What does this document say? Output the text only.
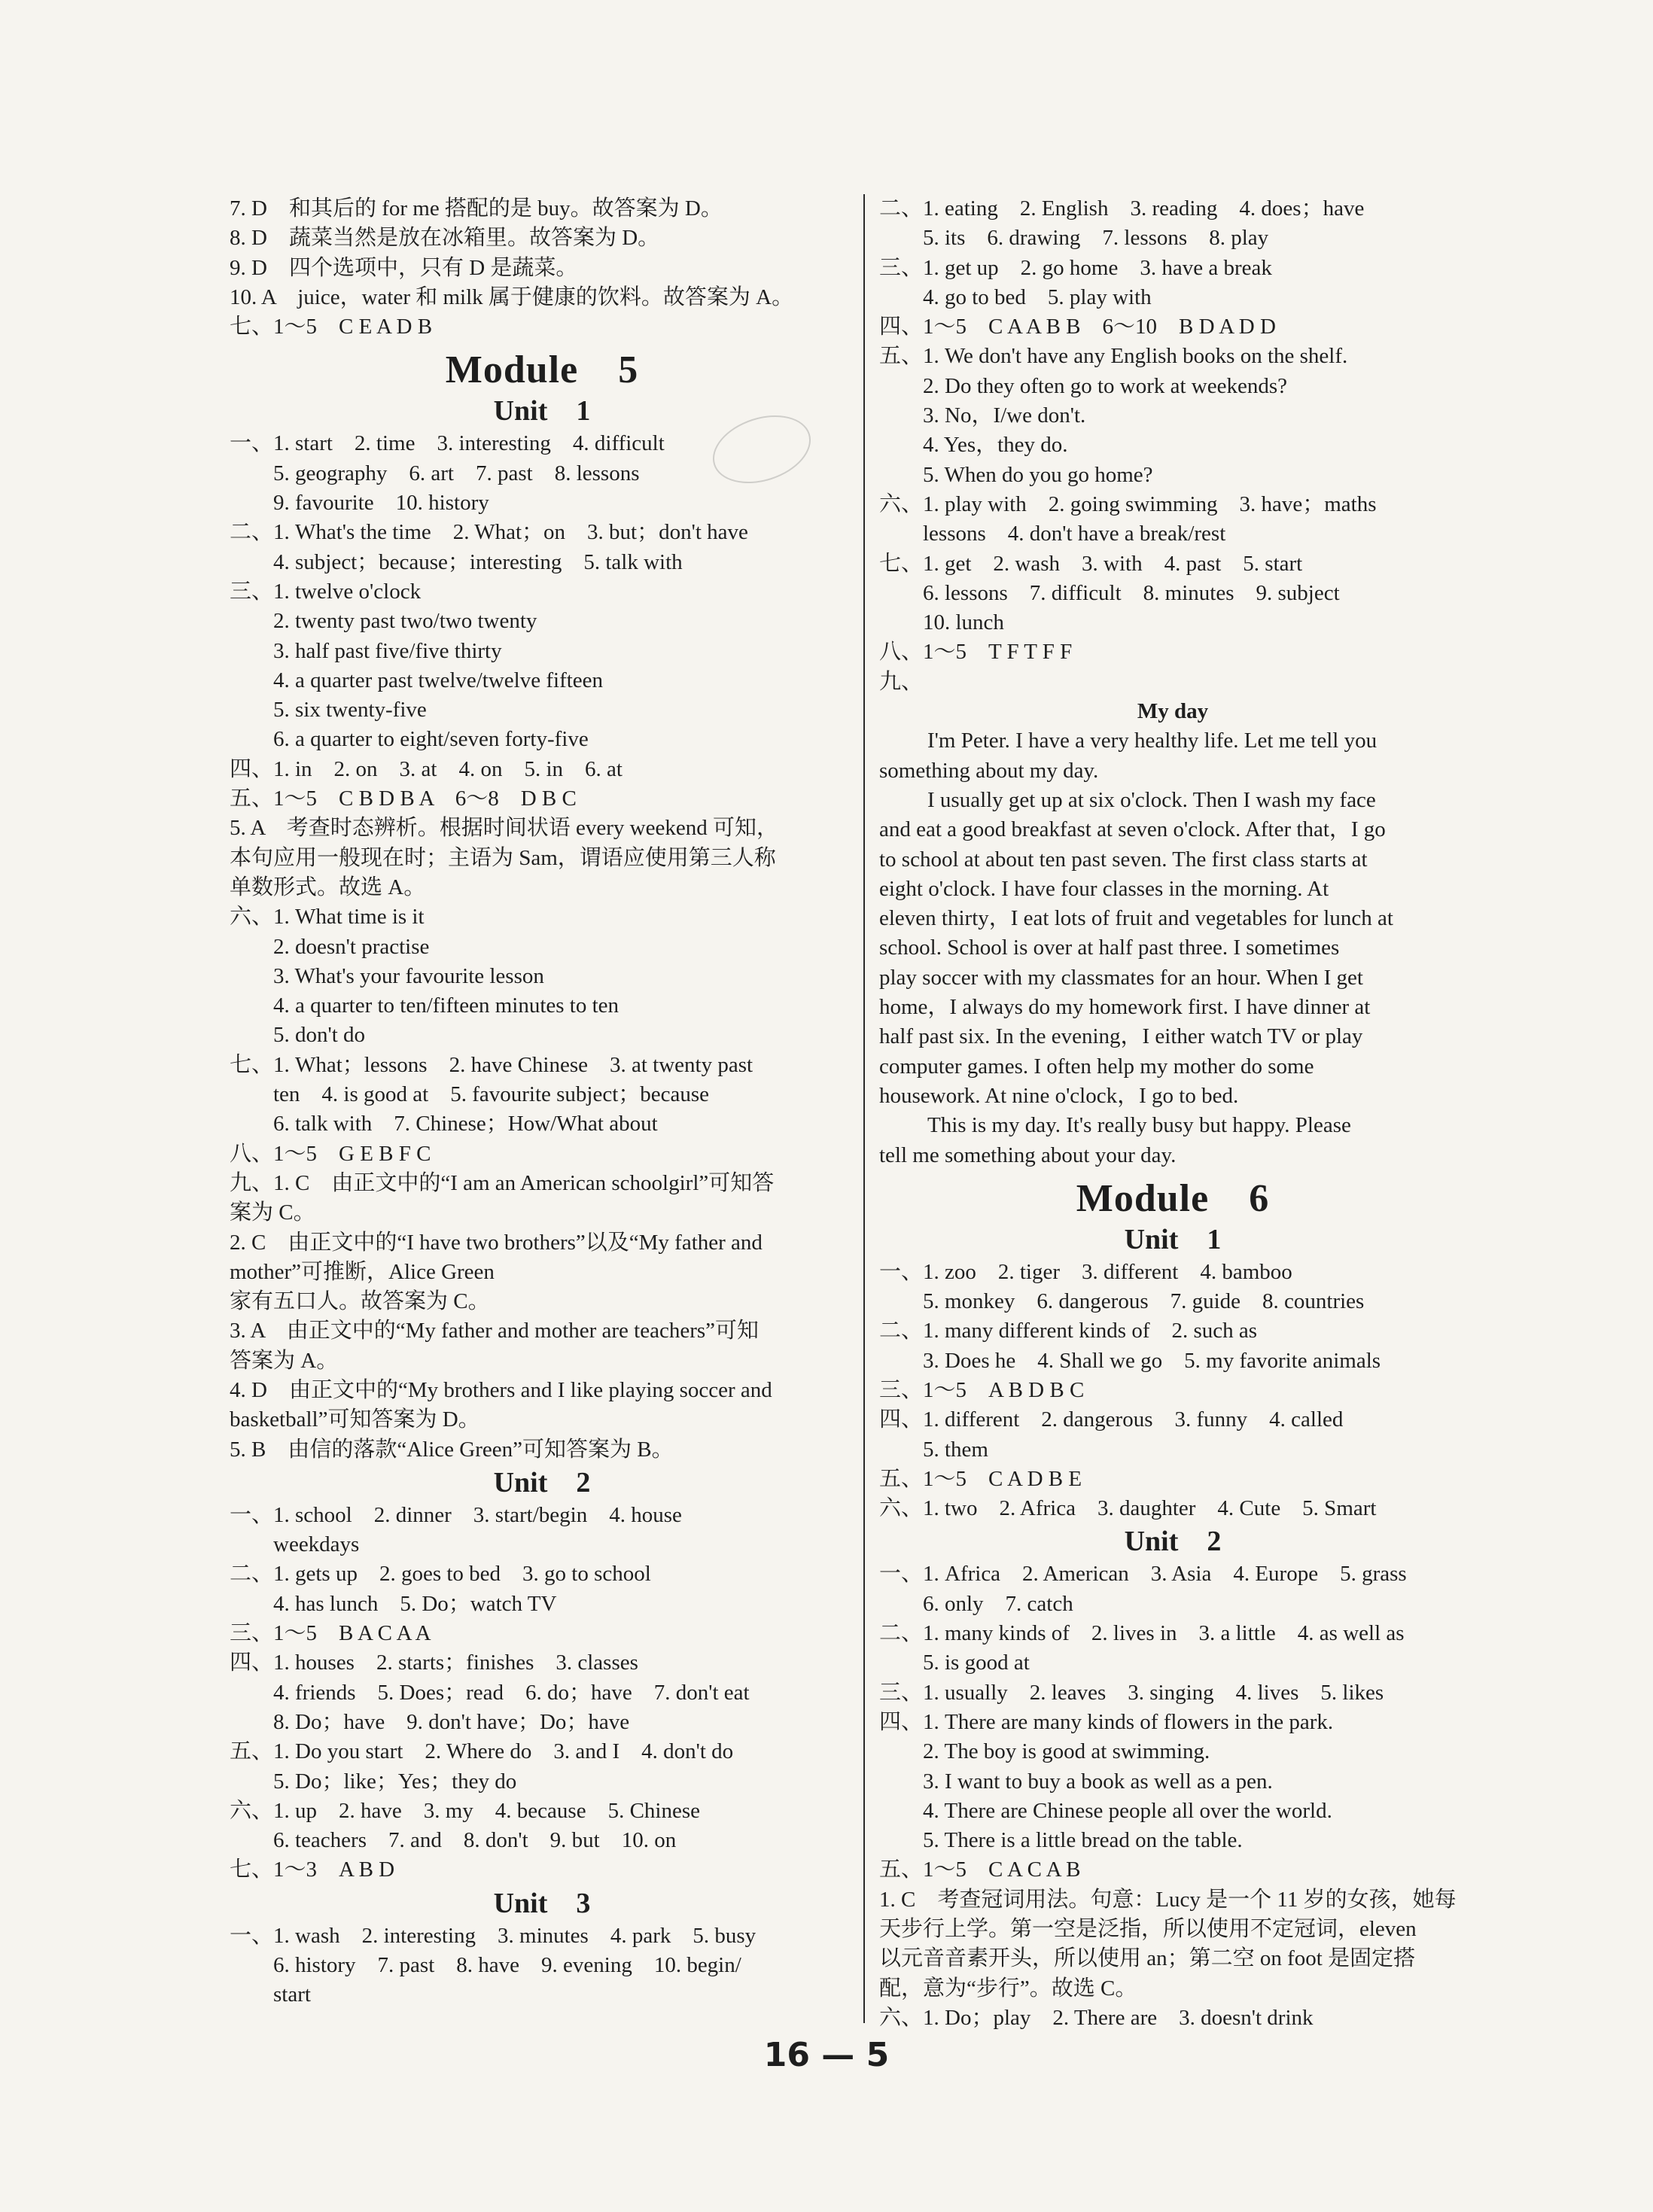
7. D　和其后的 for me 搭配的是 buy。故答案为 D。
8. D　蔬菜当然是放在冰箱里。故答案为 D。
9. D　四个选项中，只有 D 是蔬菜。
10. A　juice，water 和 milk 属于健康的饮料。故答案为 A。
七、1～5　C E A D B
Module　5
Unit　1
一、1. start　2. time　3. interesting　4. difficult
5. geography　6. art　7. past　8. lessons
9. favourite　10. history
二、1. What's the time　2. What；on　3. but；don't have
4. subject；because；interesting　5. talk with
三、1. twelve o'clock
2. twenty past two/two twenty
3. half past five/five thirty
4. a quarter past twelve/twelve fifteen
5. six twenty-five
6. a quarter to eight/seven forty-five
四、1. in　2. on　3. at　4. on　5. in　6. at
五、1～5　C B D B A　6～8　D B C
5. A　考查时态辨析。根据时间状语 every weekend 可知，
本句应用一般现在时；主语为 Sam，谓语应使用第三人称
单数形式。故选 A。
六、1. What time is it
2. doesn't practise
3. What's your favourite lesson
4. a quarter to ten/fifteen minutes to ten
5. don't do
七、1. What；lessons　2. have Chinese　3. at twenty past
ten　4. is good at　5. favourite subject；because
6. talk with　7. Chinese；How/What about
八、1～5　G E B F C
九、1. C　由正文中的“I am an American schoolgirl”可知答
案为 C。
2. C　由正文中的“I have two brothers”以及“My father and
mother”可推断，Alice Green
家有五口人。故答案为 C。
3. A　由正文中的“My father and mother are teachers”可知
答案为 A。
4. D　由正文中的“My brothers and I like playing soccer and
basketball”可知答案为 D。
5. B　由信的落款“Alice Green”可知答案为 B。
Unit　2
一、1. school　2. dinner　3. start/begin　4. house
weekdays
二、1. gets up　2. goes to bed　3. go to school
4. has lunch　5. Do；watch TV
三、1～5　B A C A A
四、1. houses　2. starts；finishes　3. classes
4. friends　5. Does；read　6. do；have　7. don't eat
8. Do；have　9. don't have；Do；have
五、1. Do you start　2. Where do　3. and I　4. don't do
5. Do；like；Yes；they do
六、1. up　2. have　3. my　4. because　5. Chinese
6. teachers　7. and　8. don't　9. but　10. on
七、1～3　A B D
Unit　3
一、1. wash　2. interesting　3. minutes　4. park　5. busy
6. history　7. past　8. have　9. evening　10. begin/
start
二、1. eating　2. English　3. reading　4. does；have
5. its　6. drawing　7. lessons　8. play
三、1. get up　2. go home　3. have a break
4. go to bed　5. play with
四、1～5　C A A B B　6～10　B D A D D
五、1. We don't have any English books on the shelf.
2. Do they often go to work at weekends?
3. No，I/we don't.
4. Yes，they do.
5. When do you go home?
六、1. play with　2. going swimming　3. have；maths
lessons　4. don't have a break/rest
七、1. get　2. wash　3. with　4. past　5. start
6. lessons　7. difficult　8. minutes　9. subject
10. lunch
八、1～5　T F T F F
九、
My day
I'm Peter. I have a very healthy life. Let me tell you
something about my day.
I usually get up at six o'clock. Then I wash my face
and eat a good breakfast at seven o'clock. After that，I go
to school at about ten past seven. The first class starts at
eight o'clock. I have four classes in the morning. At
eleven thirty，I eat lots of fruit and vegetables for lunch at
school. School is over at half past three. I sometimes
play soccer with my classmates for an hour. When I get
home，I always do my homework first. I have dinner at
half past six. In the evening，I either watch TV or play
computer games. I often help my mother do some
housework. At nine o'clock，I go to bed.
This is my day. It's really busy but happy. Please
tell me something about your day.
Module　6
Unit　1
一、1. zoo　2. tiger　3. different　4. bamboo
5. monkey　6. dangerous　7. guide　8. countries
二、1. many different kinds of　2. such as
3. Does he　4. Shall we go　5. my favorite animals
三、1～5　A B D B C
四、1. different　2. dangerous　3. funny　4. called
5. them
五、1～5　C A D B E
六、1. two　2. Africa　3. daughter　4. Cute　5. Smart
Unit　2
一、1. Africa　2. American　3. Asia　4. Europe　5. grass
6. only　7. catch
二、1. many kinds of　2. lives in　3. a little　4. as well as
5. is good at
三、1. usually　2. leaves　3. singing　4. lives　5. likes
四、1. There are many kinds of flowers in the park.
2. The boy is good at swimming.
3. I want to buy a book as well as a pen.
4. There are Chinese people all over the world.
5. There is a little bread on the table.
五、1～5　C A C A B
1. C　考查冠词用法。句意：Lucy 是一个 11 岁的女孩，她每
天步行上学。第一空是泛指，所以使用不定冠词，eleven
以元音音素开头，所以使用 an；第二空 on foot 是固定搭
配，意为“步行”。故选 C。
六、1. Do；play　2. There are　3. doesn't drink
16 — 5
